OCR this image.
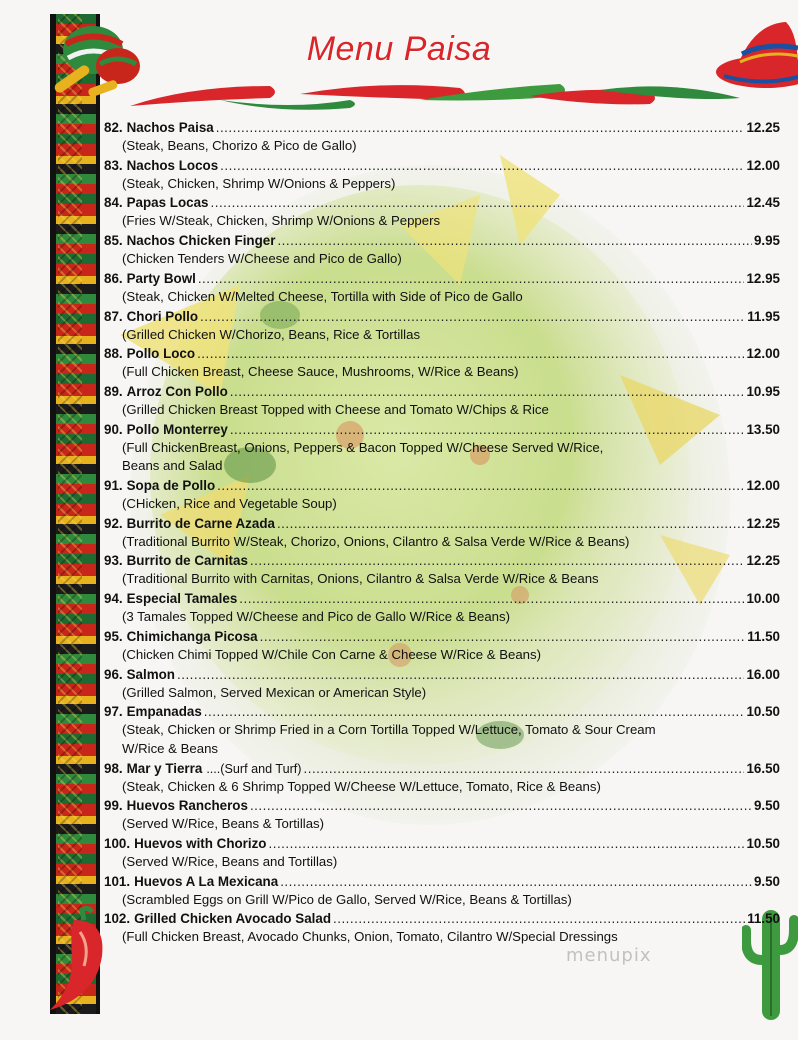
Menu Paisa
82. Nachos Paisa .....	12.25
(Steak, Beans, Chorizo & Pico de Gallo)
83. Nachos Locos .....	12.00
(Steak, Chicken, Shrimp W/Onions & Peppers)
84. Papas Locas .....	12.45
(Fries W/Steak, Chicken, Shrimp W/Onions & Peppers
85. Nachos Chicken Finger .....	9.95
(Chicken Tenders W/Cheese and Pico de Gallo)
86. Party Bowl .....	12.95
(Steak, Chicken W/Melted Cheese, Tortilla with Side of Pico de Gallo
87. Chori Pollo .....	11.95
(Grilled Chicken W/Chorizo, Beans, Rice & Tortillas
88. Pollo Loco .....	12.00
(Full Chicken Breast, Cheese Sauce, Mushrooms, W/Rice & Beans)
89. Arroz Con Pollo .....	10.95
(Grilled Chicken Breast Topped with Cheese and Tomato W/Chips & Rice
90. Pollo Monterrey .....	13.50
(Full ChickenBreast, Onions, Peppers & Bacon Topped W/Cheese Served W/Rice,
Beans and Salad
91. Sopa de Pollo .....	12.00
(CHicken, Rice and Vegetable Soup)
92. Burrito de Carne Azada .....	12.25
(Traditional Burrito W/Steak, Chorizo, Onions, Cilantro & Salsa Verde W/Rice & Beans)
93. Burrito de Carnitas .....	12.25
(Traditional Burrito with Carnitas, Onions, Cilantro & Salsa Verde W/Rice & Beans
94. Especial Tamales .....	10.00
(3 Tamales Topped W/Cheese and Pico de Gallo W/Rice & Beans)
95. Chimichanga Picosa .....	11.50
(Chicken Chimi Topped W/Chile Con Carne & Cheese W/Rice & Beans)
96. Salmon .....	16.00
(Grilled Salmon, Served Mexican or American Style)
97. Empanadas .....	10.50
(Steak, Chicken or Shrimp Fried in a Corn Tortilla Topped W/Lettuce, Tomato & Sour Cream
W/Rice & Beans
98. Mar y Tierra ....(Surf and Turf) .....	16.50
(Steak, Chicken & 6 Shrimp Topped W/Cheese W/Lettuce, Tomato, Rice & Beans)
99. Huevos Rancheros .....	9.50
(Served W/Rice, Beans & Tortillas)
100. Huevos with Chorizo .....	10.50
(Served W/Rice, Beans and Tortillas)
101. Huevos A La Mexicana .....	9.50
(Scrambled Eggs on Grill W/Pico de Gallo, Served W/Rice, Beans & Tortillas)
102. Grilled Chicken Avocado Salad .....	11.50
(Full Chicken Breast, Avocado Chunks, Onion, Tomato, Cilantro W/Special Dressings
menupix
